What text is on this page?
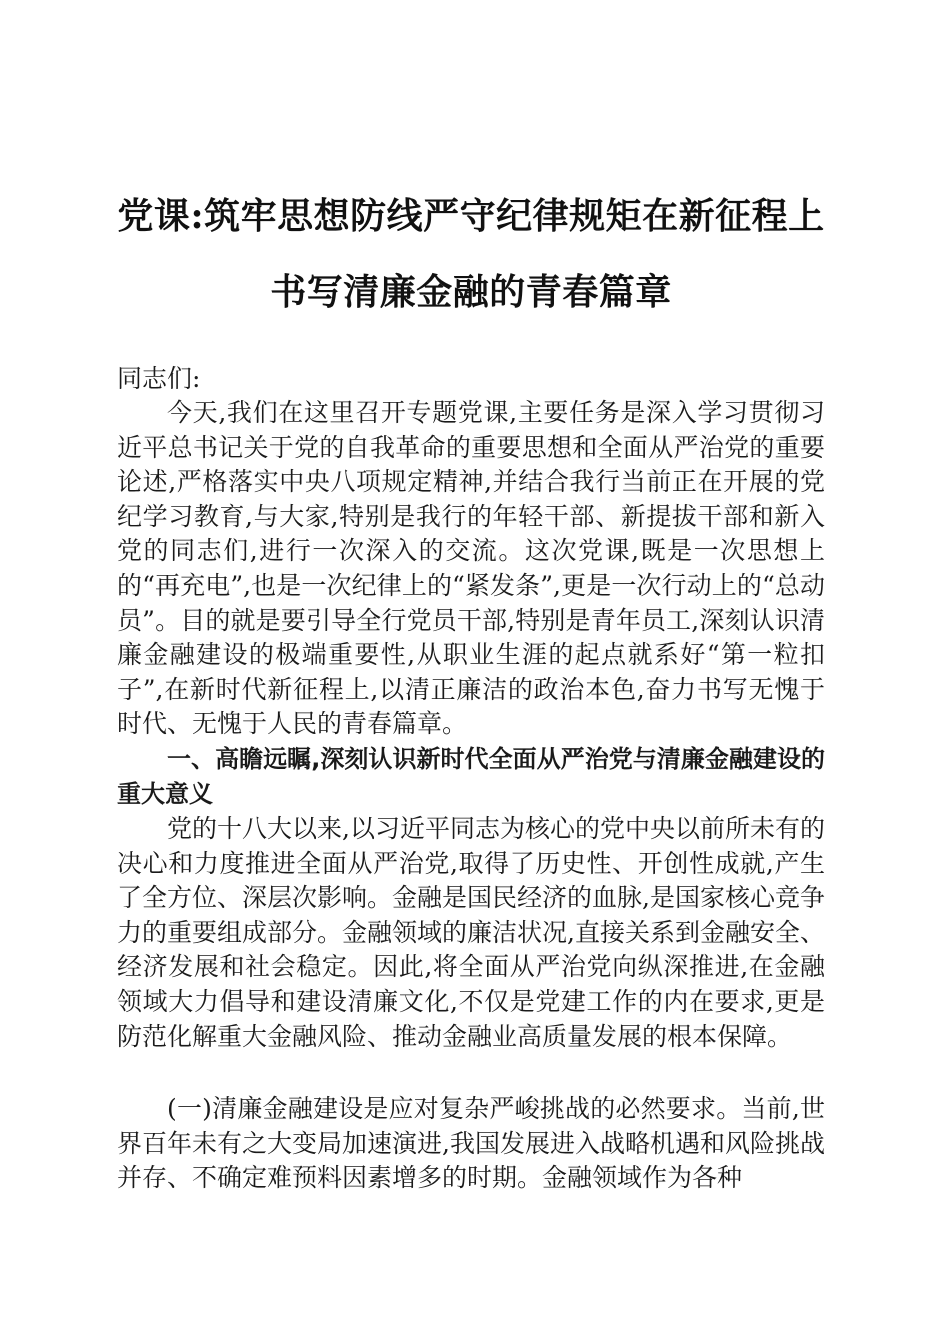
党课:筑牢思想防线严守纪律规矩在新征程上
书写清廉金融的青春篇章
同志们:
今天,我们在这里召开专题党课,主要任务是深入学习贯彻习近平总书记关于党的自我革命的重要思想和全面从严治党的重要论述,严格落实中央八项规定精神,并结合我行当前正在开展的党纪学习教育,与大家,特别是我行的年轻干部、新提拔干部和新入党的同志们,进行一次深入的交流。这次党课,既是一次思想上的“再充电”,也是一次纪律上的“紧发条”,更是一次行动上的“总动员”。目的就是要引导全行党员干部,特别是青年员工,深刻认识清廉金融建设的极端重要性,从职业生涯的起点就系好“第一粒扣子”,在新时代新征程上,以清正廉洁的政治本色,奋力书写无愧于时代、无愧于人民的青春篇章。
一、高瞻远瞩,深刻认识新时代全面从严治党与清廉金融建设的重大意义
党的十八大以来,以习近平同志为核心的党中央以前所未有的决心和力度推进全面从严治党,取得了历史性、开创性成就,产生了全方位、深层次影响。金融是国民经济的血脉,是国家核心竞争力的重要组成部分。金融领域的廉洁状况,直接关系到金融安全、经济发展和社会稳定。因此,将全面从严治党向纵深推进,在金融领域大力倡导和建设清廉文化,不仅是党建工作的内在要求,更是防范化解重大金融风险、推动金融业高质量发展的根本保障。
(一)清廉金融建设是应对复杂严峻挑战的必然要求。当前,世界百年未有之大变局加速演进,我国发展进入战略机遇和风险挑战并存、不确定难预料因素增多的时期。金融领域作为各种
